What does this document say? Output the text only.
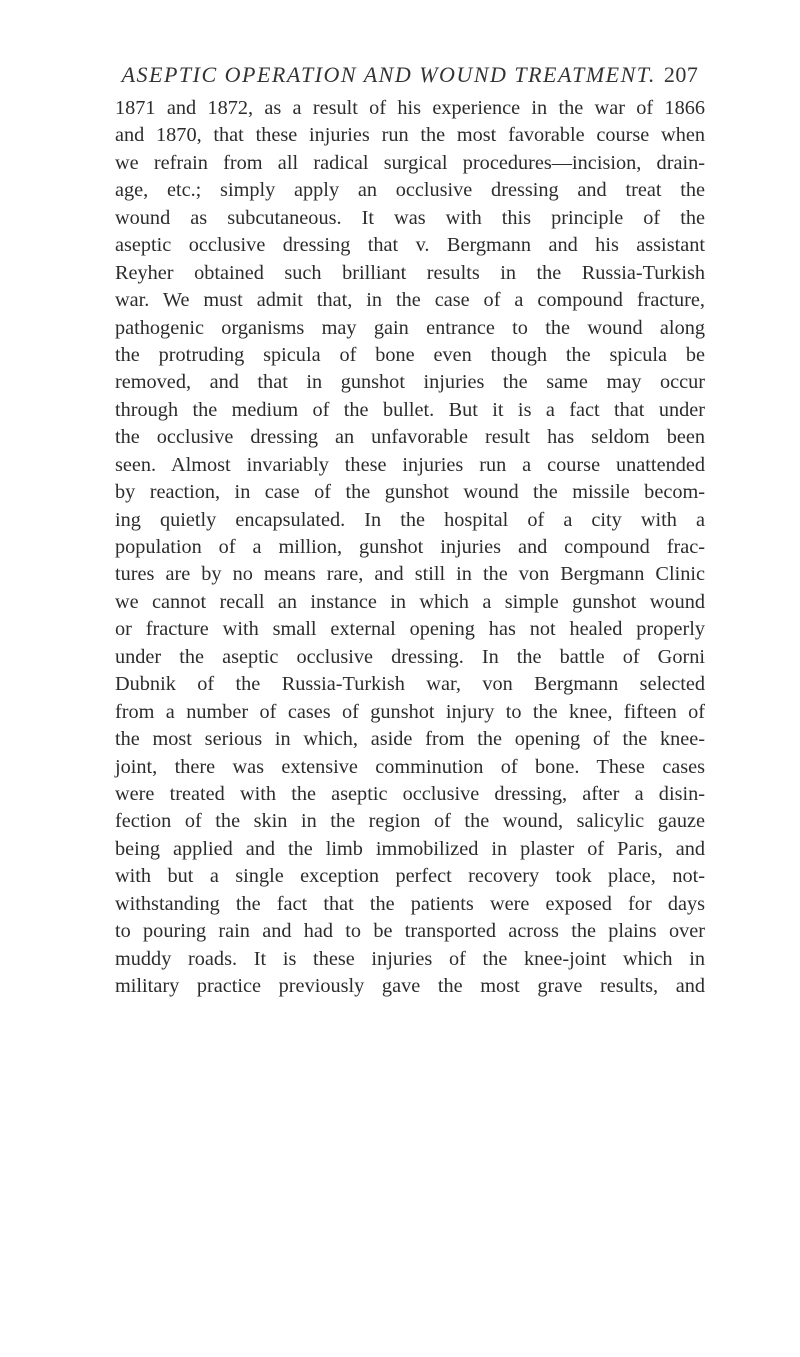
ASEPTIC OPERATION AND WOUND TREATMENT. 207
1871 and 1872, as a result of his experience in the war of 1866
and 1870, that these injuries run the most favorable course when
we refrain from all radical surgical procedures—incision, drain-
age, etc.; simply apply an occlusive dressing and treat the
wound as subcutaneous. It was with this principle of the
aseptic occlusive dressing that v. Bergmann and his assistant
Reyher obtained such brilliant results in the Russia-Turkish
war. We must admit that, in the case of a compound fracture,
pathogenic organisms may gain entrance to the wound along
the protruding spicula of bone even though the spicula be
removed, and that in gunshot injuries the same may occur
through the medium of the bullet. But it is a fact that under
the occlusive dressing an unfavorable result has seldom been
seen. Almost invariably these injuries run a course unattended
by reaction, in case of the gunshot wound the missile becom-
ing quietly encapsulated. In the hospital of a city with a
population of a million, gunshot injuries and compound frac-
tures are by no means rare, and still in the von Bergmann Clinic
we cannot recall an instance in which a simple gunshot wound
or fracture with small external opening has not healed properly
under the aseptic occlusive dressing. In the battle of Gorni
Dubnik of the Russia-Turkish war, von Bergmann selected
from a number of cases of gunshot injury to the knee, fifteen of
the most serious in which, aside from the opening of the knee-
joint, there was extensive comminution of bone. These cases
were treated with the aseptic occlusive dressing, after a disin-
fection of the skin in the region of the wound, salicylic gauze
being applied and the limb immobilized in plaster of Paris, and
with but a single exception perfect recovery took place, not-
withstanding the fact that the patients were exposed for days
to pouring rain and had to be transported across the plains over
muddy roads. It is these injuries of the knee-joint which in
military practice previously gave the most grave results, and
